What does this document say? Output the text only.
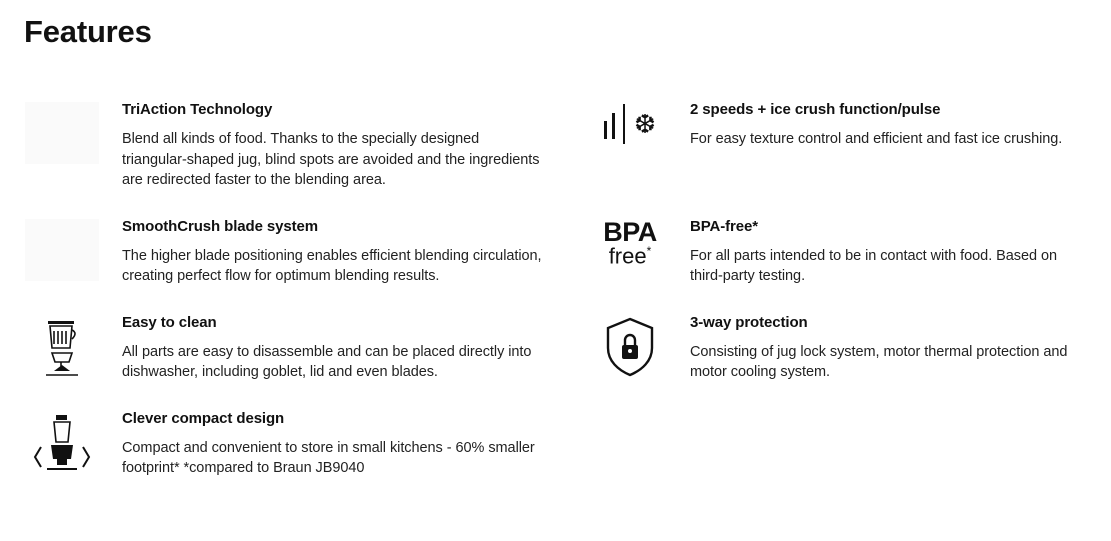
Features
TriAction Technology
Blend all kinds of food. Thanks to the specially designed triangular-shaped jug, blind spots are avoided and the ingredients are redirected faster to the blending area.
❆ 2 speeds + ice crush function/pulse
For easy texture control and efficient and fast ice crushing.
SmoothCrush blade system
The higher blade positioning enables efficient blending circulation, creating perfect flow for optimum blending results.
BPA
free*
BPA-free*
For all parts intended to be in contact with food. Based on third-party testing.
Easy to clean
All parts are easy to disassemble and can be placed directly into dishwasher, including goblet, lid and even blades.
3-way protection
Consisting of jug lock system, motor thermal protection and motor cooling system.
Clever compact design
Compact and convenient to store in small kitchens - 60% smaller footprint* *compared to Braun JB9040
